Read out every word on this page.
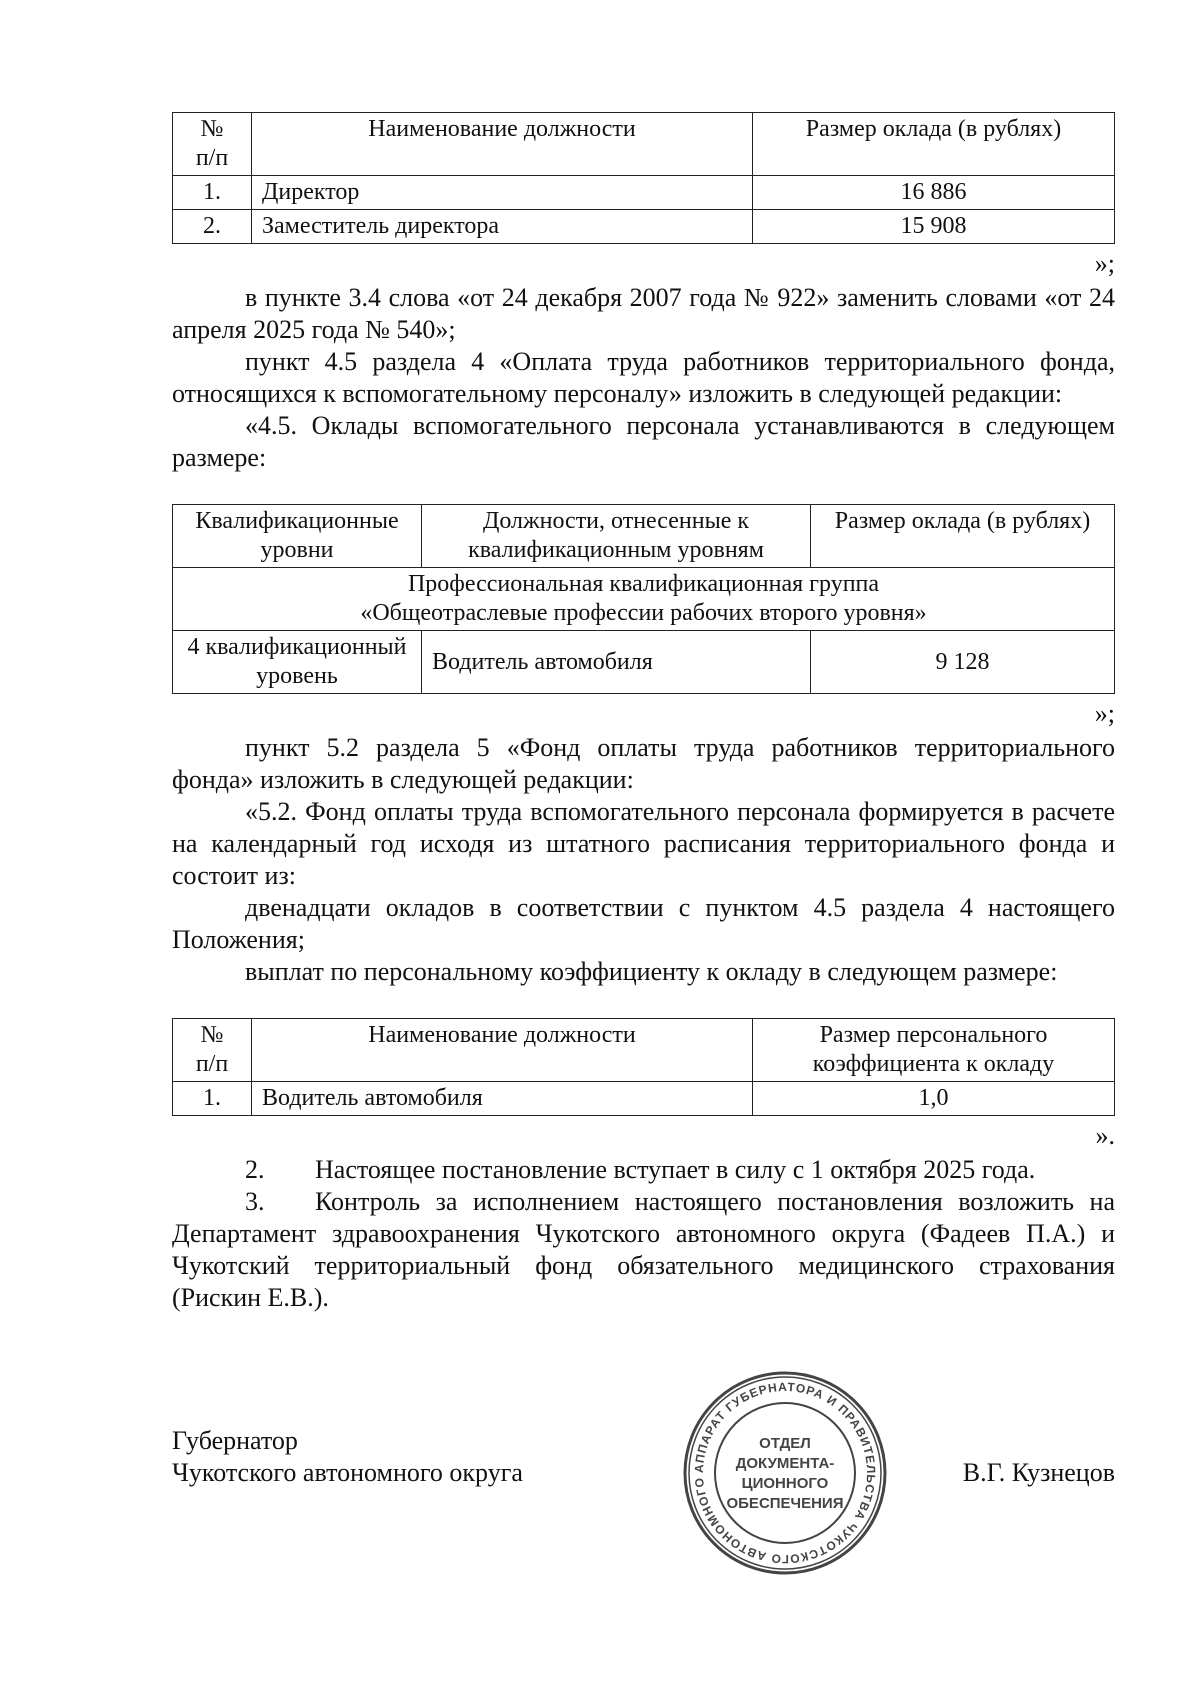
№
п/п	Наименование должности	Размер оклада (в рублях)
1.	Директор	16 886
2.	Заместитель директора	15 908
»;

в пункте 3.4 слова «от 24 декабря 2007 года № 922» заменить словами «от 24 апреля 2025 года № 540»;

пункт 4.5 раздела 4 «Оплата труда работников территориального фонда, относящихся к вспомогательному персоналу» изложить в следующей редакции:

«4.5. Оклады вспомогательного персонала устанавливаются в следующем размере:

Квалификационные уровни	Должности, отнесенные к квалификационным уровням	Размер оклада (в рублях)
Профессиональная квалификационная группа
«Общеотраслевые профессии рабочих второго уровня»		
4 квалификационный уровень	Водитель автомобиля	9 128
»;

пункт 5.2 раздела 5 «Фонд оплаты труда работников территориального фонда» изложить в следующей редакции:

«5.2. Фонд оплаты труда вспомогательного персонала формируется в расчете на календарный год исходя из штатного расписания территориального фонда и состоит из:

двенадцати окладов в соответствии с пунктом 4.5 раздела 4 настоящего Положения;

выплат по персональному коэффициенту к окладу в следующем размере:

№
п/п	Наименование должности	Размер персонального коэффициента к окладу
1.	Водитель автомобиля	1,0
».

2. Настоящее постановление вступает в силу с 1 октября 2025 года.

3. Контроль за исполнением настоящего постановления возложить на Департамент здравоохранения Чукотского автономного округа (Фадеев П.А.) и Чукотский территориальный фонд обязательного медицинского страхования (Рискин Е.В.).

АППАРАТ ГУБЕРНАТОРА И ПРАВИТЕЛЬСТВА ЧУКОТСКОГО АВТОНОМНОГО
ОТДЕЛ
ДОКУМЕНТА-
ЦИОННОГО
ОБЕСПЕЧЕНИЯ
Губернатор
Чукотского автономного округа	В.Г. Кузнецов
